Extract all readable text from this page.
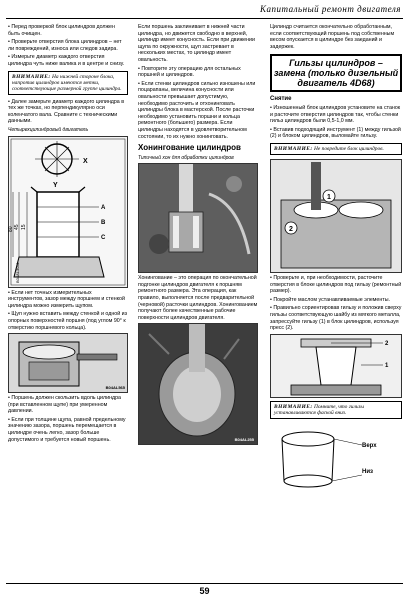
Капитальный ремонт двигателя

• Перед проверкой блок цилиндров должен быть очищен.

• Проверьте отверстия блока цилиндров – нет ли повреждений, износа или следов задира.

• Измерьте диаметр каждого отверстия цилиндра чуть ниже валика и в центре и снизу.

ВНИМАНИЕ: На нижней стороне блока, напротив цилиндров имеются метки, соответствующие размерной группе цилиндра.

• Далее замерьте диаметр каждого цилиндра в тех же точках, но перпендикулярно оси коленчатого вала. Сравните с техническими данными.

Четырехцилиндровый двигатель
80 45 15
X
Y
A
B
C
B04AL3041

• Если нет точных измерительных инструментов, зазор между поршнем и стенкой цилиндра можно измерить щупом.

• Щуп нужно вставить между стенкой и одной из опорных поверхностей поршня (под углом 90° к отверстию поршневого кольца).

B04AL565

• Поршень должен скользить вдоль цилиндра (при вставленном щупе) при умеренном давлении.

• Если при толщине щупа, равной предельному значению зазора, поршень перемещается в цилиндре очень легко, зазор больше допустимого и требуется новый поршень.

Если поршень заклинивает в нижней части цилиндра, но движется свободно в верхней, цилиндр имеет конусность. Если при движении щупа по окружности, щуп застревает в нескольких местах, то цилиндр имеет овальность.

• Повторите эту операцию для остальных поршней и цилиндров.

• Если стенки цилиндров сильно изношены или поцарапаны, величина конусности или овальности превышает допустимую, необходимо расточить и отхонинговать цилиндры блока в мастерской. После расточки необходимо установить поршни и кольца ремонтного (большего) размера. Если цилиндры находятся в удовлетворительном состоянии, то их нужно хонинговать.

Хонингование цилиндров
Типичный хон для обработки цилиндров

Хонингование – это операция по окончательной подгонке цилиндров двигателя к поршням ремонтного размера. Эта операция, как правило, выполняется после предварительной (черновой) расточки цилиндров. Хонингованием получают более качественные рабочие поверхности цилиндров двигателя.

B04AL255

Цилиндр считается окончательно обработанным, если соответствующий поршень под собственным весом опускается в цилиндре без заеданий и задержек.

Гильзы цилиндров – замена (только дизельный двигатель 4D68)
Снятие

• Изношенный блок цилиндров установите на станок и расточите отверстия цилиндров так, чтобы стенки гильз цилиндров были 0,5-1,0 мм.

• Вставив подходящий инструмент (1) между гильзой (2) и блоком цилиндров, выломайте гильзу.

ВНИМАНИЕ: Не повредите блок цилиндров.
1
2

• Проверьте и, при необходимости, расточите отверстия в блоке цилиндров под гильзу (ремонтный размер).

• Покройте маслом устанавливаемые элементы.

• Правильно сориентировав гильзу и положив сверху гильзы соответствующую шайбу из мягкого металла, запрессуйте гильзу (1) в блок цилиндров, используя пресс (2).

1
2
ВНИМАНИЕ: Помните, что гильзы устанавливаются фаской вниз.
Верх
Низ
59
